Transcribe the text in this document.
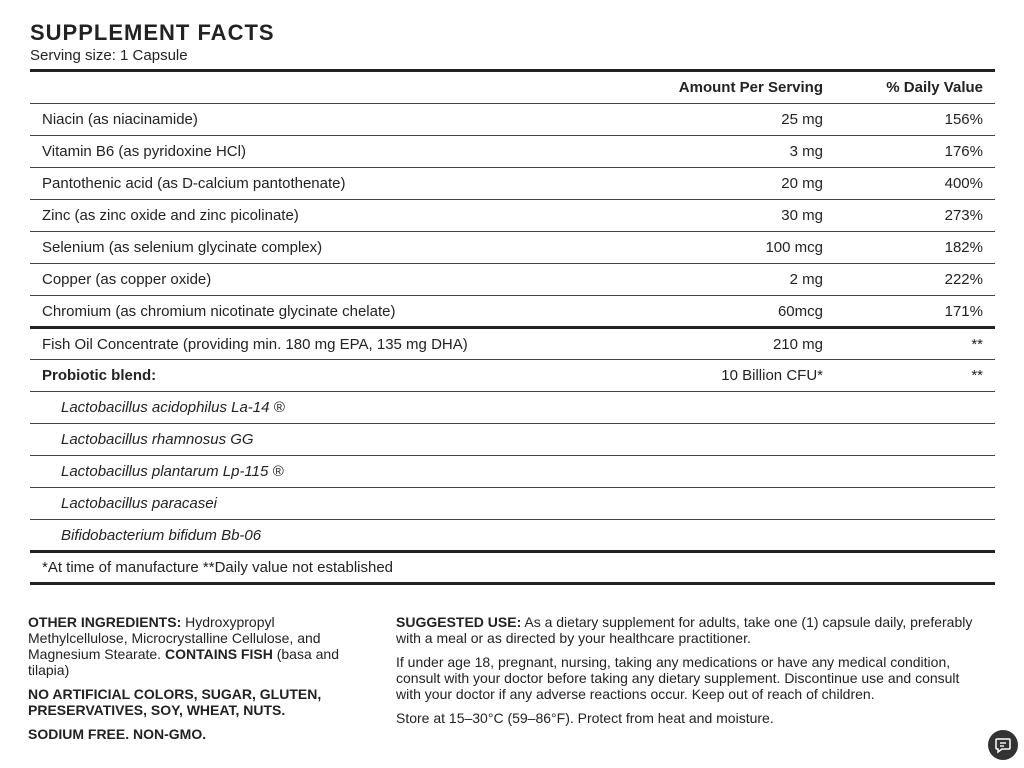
SUPPLEMENT FACTS
Serving size: 1 Capsule
	Amount Per Serving	% Daily Value
Niacin (as niacinamide)	25 mg	156%
Vitamin B6 (as pyridoxine HCl)	3 mg	176%
Pantothenic acid (as D-calcium pantothenate)	20 mg	400%
Zinc (as zinc oxide and zinc picolinate)	30 mg	273%
Selenium (as selenium glycinate complex)	100 mcg	182%
Copper (as copper oxide)	2 mg	222%
Chromium (as chromium nicotinate glycinate chelate)	60mcg	171%
Fish Oil Concentrate (providing min. 180 mg EPA, 135 mg DHA)	210 mg	**
Probiotic blend:	10 Billion CFU*	**
Lactobacillus acidophilus La-14 ®		
Lactobacillus rhamnosus GG		
Lactobacillus plantarum Lp-115 ®		
Lactobacillus paracasei		
Bifidobacterium bifidum Bb-06		
*At time of manufacture **Daily value not established		

OTHER INGREDIENTS: Hydroxypropyl Methylcellulose, Microcrystalline Cellulose, and Magnesium Stearate. CONTAINS FISH (basa and tilapia)

NO ARTIFICIAL COLORS, SUGAR, GLUTEN, PRESERVATIVES, SOY, WHEAT, NUTS.

SODIUM FREE. NON-GMO.

SUGGESTED USE: As a dietary supplement for adults, take one (1) capsule daily, preferably with a meal or as directed by your healthcare practitioner.

If under age 18, pregnant, nursing, taking any medications or have any medical condition, consult with your doctor before taking any dietary supplement. Discontinue use and consult with your doctor if any adverse reactions occur. Keep out of reach of children.

Store at 15–30°C (59–86°F). Protect from heat and moisture.
